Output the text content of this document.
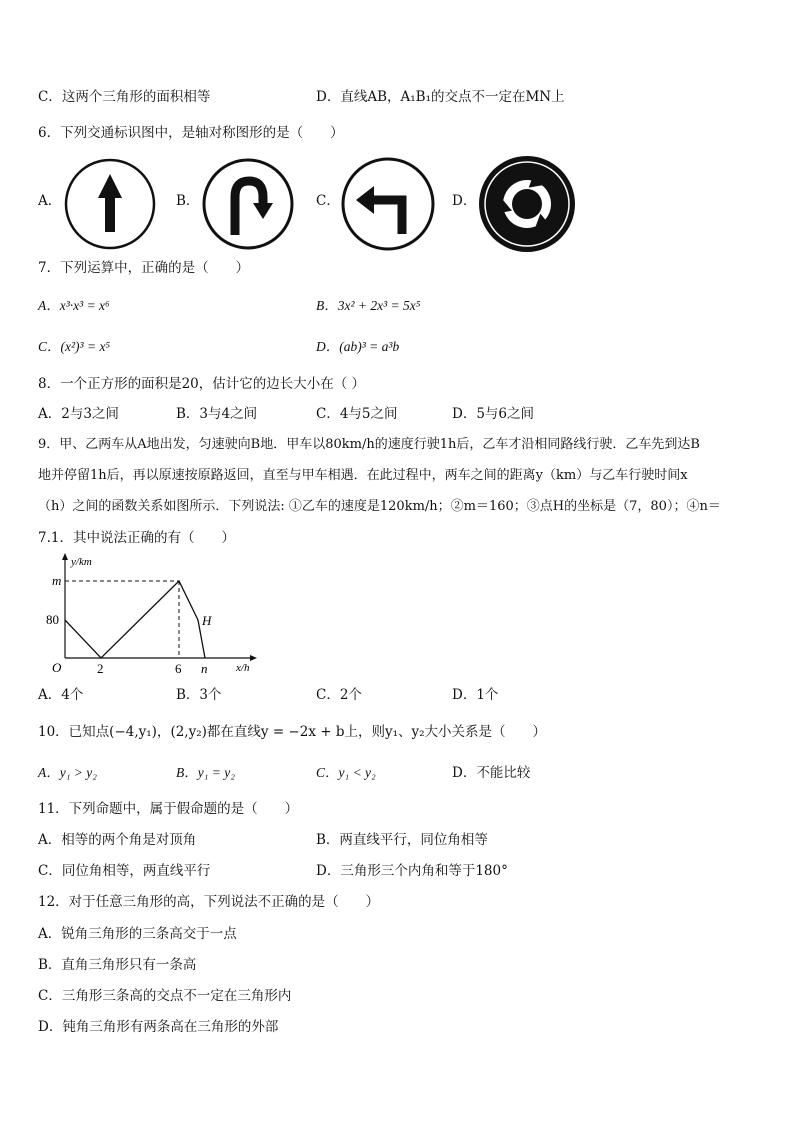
C．这两个三角形的面积相等	D．直线AB，A₁B₁的交点不一定在MN上
6．下列交通标识图中，是轴对称图形的是（　　）
A．	B．	C．	D．
7．下列运算中，正确的是（　　）
A．x³·x³ = x⁶	B．3x² + 2x³ = 5x⁵
C．(x²)³ = x⁵	D．(ab)³ = a³b
8．一个正方形的面积是20，估计它的边长大小在（ ）
A．2与3之间	B．3与4之间	C．4与5之间	D．5与6之间
9．甲、乙两车从A地出发，匀速驶向B地．甲车以80km/h的速度行驶1h后，乙车才沿相同路线行驶．乙车先到达B
地并停留1h后，再以原速按原路返回，直至与甲车相遇．在此过程中，两车之间的距离y（km）与乙车行驶时间x
（h）之间的函数关系如图所示．下列说法: ①乙车的速度是120km/h；②m＝160；③点H的坐标是（7，80）；④n＝
7.1．其中说法正确的有（　　）
y/km
x/h
O
m
80
2	6 n
H
A．4个	B．3个	C．2个	D．1个
10．已知点(−4,y₁)，(2,y₂)都在直线y = −2x + b上，则y₁、y₂大小关系是（　　）
A．y₁ > y₂	B．y₁ = y₂	C．y₁ < y₂	D．不能比较
11．下列命题中，属于假命题的是（　　）
A．相等的两个角是对顶角	B．两直线平行，同位角相等
C．同位角相等，两直线平行	D．三角形三个内角和等于180°
12．对于任意三角形的高，下列说法不正确的是（　　）
A．锐角三角形的三条高交于一点
B．直角三角形只有一条高
C．三角形三条高的交点不一定在三角形内
D．钝角三角形有两条高在三角形的外部
